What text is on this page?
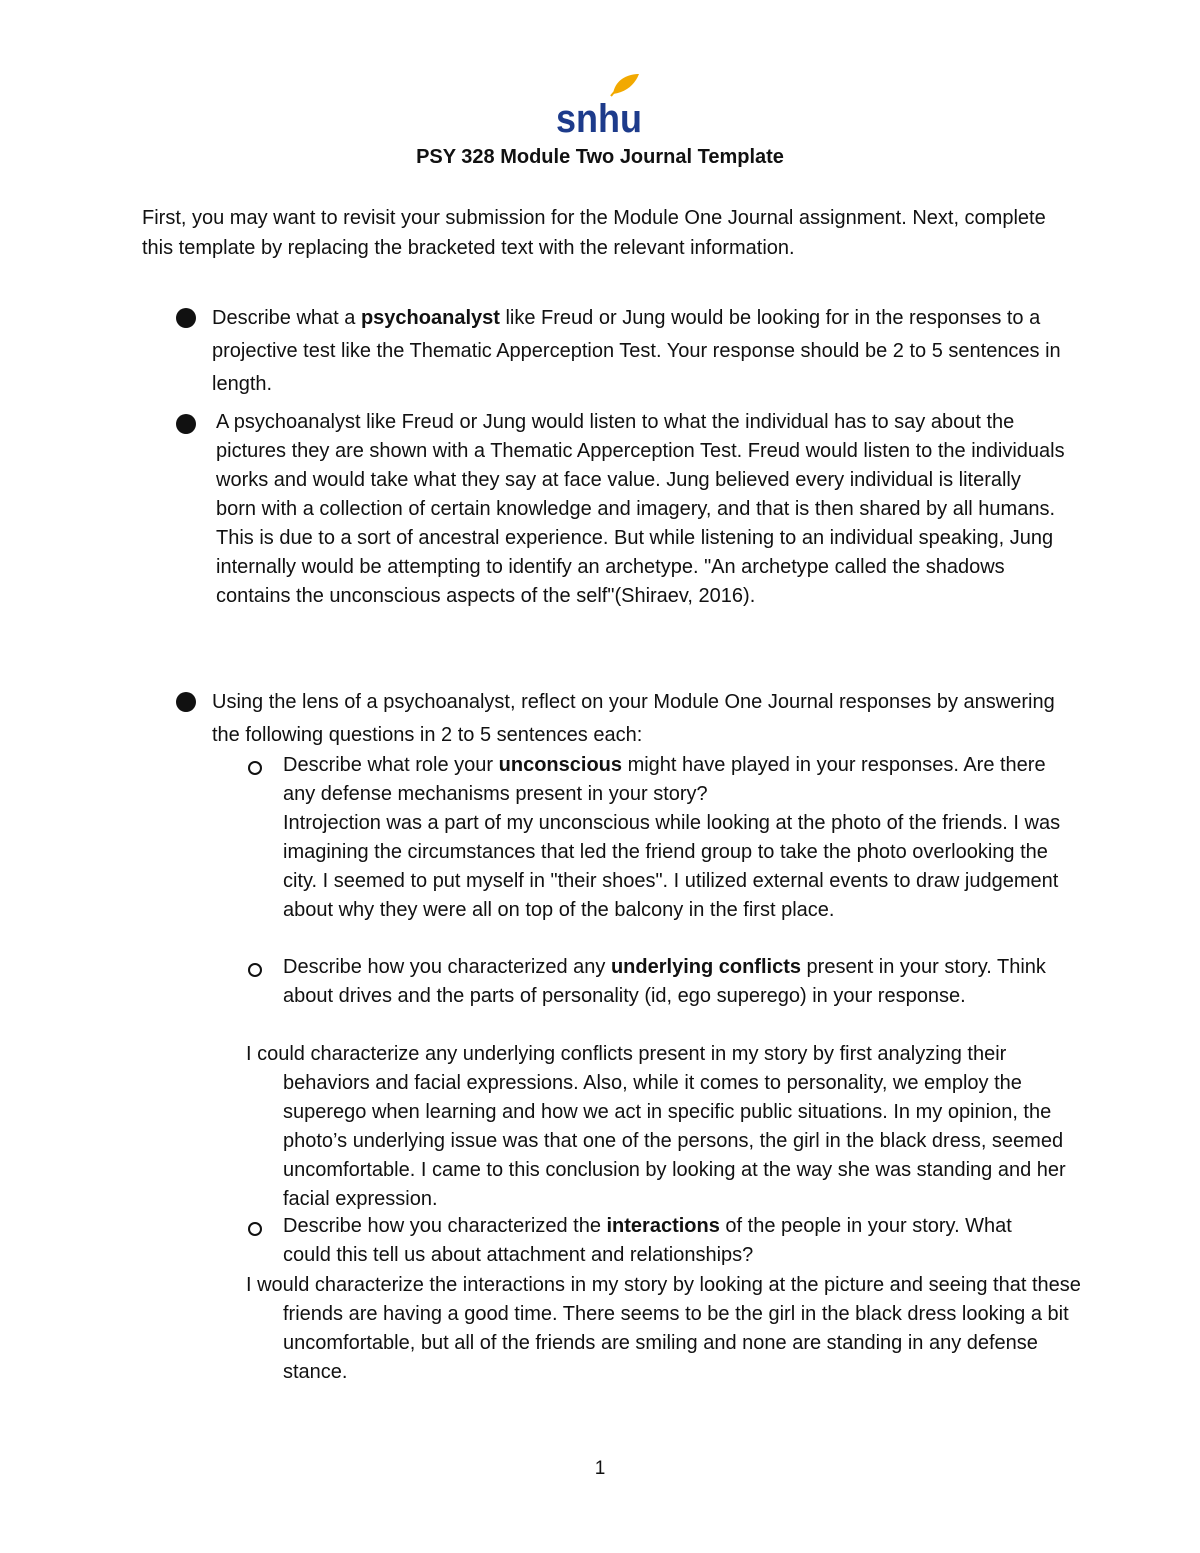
snhu
PSY 328 Module Two Journal Template
First, you may want to revisit your submission for the Module One Journal assignment. Next, complete this template by replacing the bracketed text with the relevant information.
Describe what a psychoanalyst like Freud or Jung would be looking for in the responses to a projective test like the Thematic Apperception Test. Your response should be 2 to 5 sentences in length.
A psychoanalyst like Freud or Jung would listen to what the individual has to say about the pictures they are shown with a Thematic Apperception Test. Freud would listen to the individuals works and would take what they say at face value. Jung believed every individual is literally born with a collection of certain knowledge and imagery, and that is then shared by all humans. This is due to a sort of ancestral experience. But while listening to an individual speaking, Jung internally would be attempting to identify an archetype. "An archetype called the shadows contains the unconscious aspects of the self"(Shiraev, 2016).
Using the lens of a psychoanalyst, reflect on your Module One Journal responses by answering the following questions in 2 to 5 sentences each:
Describe what role your unconscious might have played in your responses. Are there any defense mechanisms present in your story?
Introjection was a part of my unconscious while looking at the photo of the friends. I was imagining the circumstances that led the friend group to take the photo overlooking the city. I seemed to put myself in "their shoes". I utilized external events to draw judgement about why they were all on top of the balcony in the first place.
Describe how you characterized any underlying conflicts present in your story. Think about drives and the parts of personality (id, ego superego) in your response.
I could characterize any underlying conflicts present in my story by first analyzing their behaviors and facial expressions. Also, while it comes to personality, we employ the superego when learning and how we act in specific public situations. In my opinion, the photo’s underlying issue was that one of the persons, the girl in the black dress, seemed uncomfortable. I came to this conclusion by looking at the way she was standing and her facial expression.
Describe how you characterized the interactions of the people in your story. What could this tell us about attachment and relationships?
I would characterize the interactions in my story by looking at the picture and seeing that these friends are having a good time. There seems to be the girl in the black dress looking a bit uncomfortable, but all of the friends are smiling and none are standing in any defense stance.
1
